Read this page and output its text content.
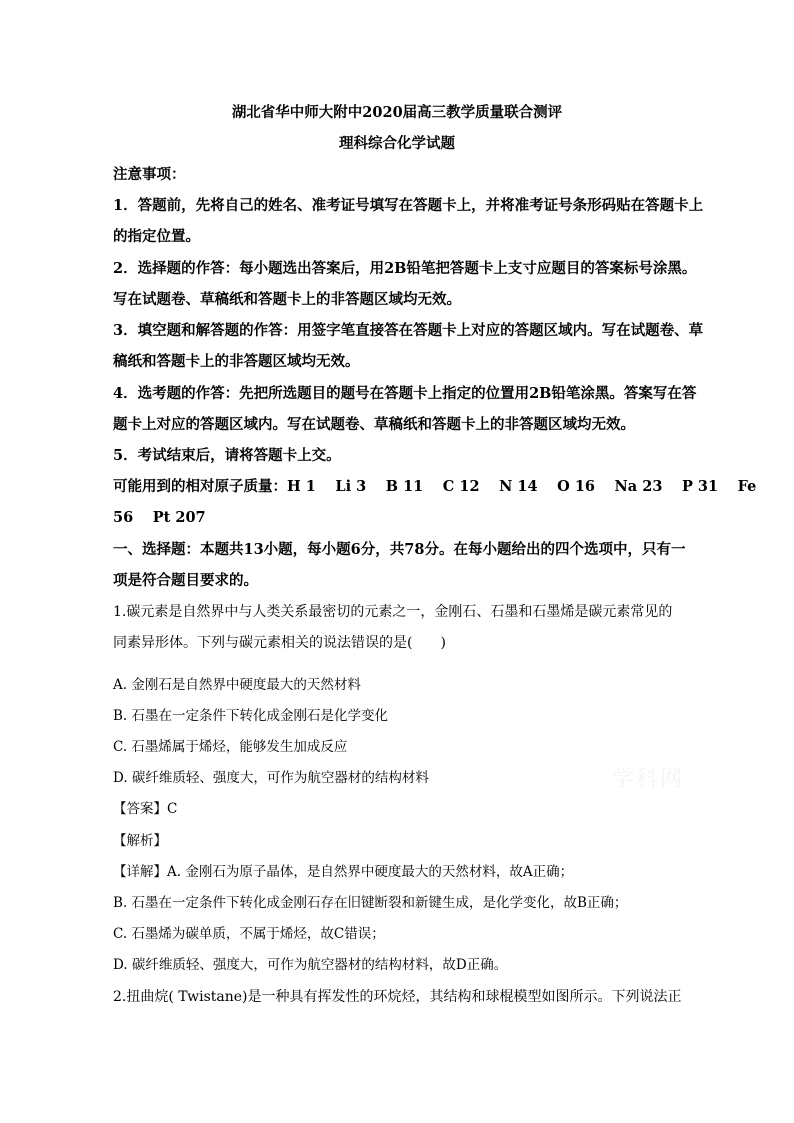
湖北省华中师大附中2020届高三教学质量联合测评
理科综合化学试题
注意事项：
1．答题前，先将自己的姓名、准考证号填写在答题卡上，并将准考证号条形码贴在答题卡上
的指定位置。
2．选择题的作答：每小题选出答案后，用2B铅笔把答题卡上支寸应题目的答案标号涂黑。
写在试题卷、草稿纸和答题卡上的非答题区域均无效。
3．填空题和解答题的作答：用签字笔直接答在答题卡上对应的答题区域内。写在试题卷、草
稿纸和答题卡上的非答题区域均无效。
4．选考题的作答：先把所选题目的题号在答题卡上指定的位置用2B铅笔涂黑。答案写在答
题卡上对应的答题区域内。写在试题卷、草稿纸和答题卡上的非答题区域均无效。
5．考试结束后，请将答题卡上交。
可能用到的相对原子质量：H 1　 Li 3　 B 11　 C 12　 N 14　 O 16　 Na 23　 P 31　 Fe
56　 Pt 207
一、选择题：本题共13小题，每小题6分，共78分。在每小题给出的四个选项中，只有一
项是符合题目要求的。
1.碳元素是自然界中与人类关系最密切的元素之一，金刚石、石墨和石墨烯是碳元素常见的
同素异形体。下列与碳元素相关的说法错误的是(　　)
A. 金刚石是自然界中硬度最大的天然材料
B. 石墨在一定条件下转化成金刚石是化学变化
C. 石墨烯属于烯烃，能够发生加成反应
D. 碳纤维质轻、强度大，可作为航空器材的结构材料
【答案】C
【解析】
【详解】A. 金刚石为原子晶体，是自然界中硬度最大的天然材料，故A正确；
B. 石墨在一定条件下转化成金刚石存在旧键断裂和新键生成，是化学变化，故B正确；
C. 石墨烯为碳单质，不属于烯烃，故C错误；
D. 碳纤维质轻、强度大，可作为航空器材的结构材料，故D正确。
2.扭曲烷( Twistane)是一种具有挥发性的环烷烃，其结构和球棍模型如图所示。下列说法正
学科网
